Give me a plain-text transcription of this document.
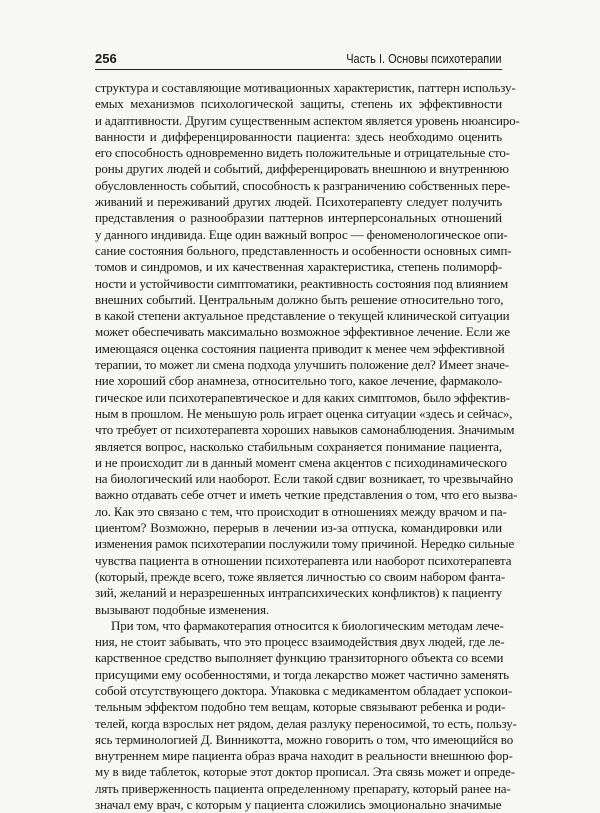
256	Часть I. Основы психотерапии
структура и составляющие мотивационных характеристик, паттерн использу-
емых механизмов психологической защиты, степень их эффективности
и адаптивности. Другим существенным аспектом является уровень нюансиро-
ванности и дифференцированности пациента: здесь необходимо оценить
его способность одновременно видеть положительные и отрицательные сто-
роны других людей и событий, дифференцировать внешнюю и внутреннюю
обусловленность событий, способность к разграничению собственных пере-
живаний и переживаний других людей. Психотерапевту следует получить
представления о разнообразии паттернов интерперсональных отношений
у данного индивида. Еще один важный вопрос — феноменологическое опи-
сание состояния больного, представленность и особенности основных симп-
томов и синдромов, и их качественная характеристика, степень полиморф-
ности и устойчивости симптоматики, реактивность состояния под влиянием
внешних событий. Центральным должно быть решение относительно того,
в какой степени актуальное представление о текущей клинической ситуации
может обеспечивать максимально возможное эффективное лечение. Если же
имеющаяся оценка состояния пациента приводит к менее чем эффективной
терапии, то может ли смена подхода улучшить положение дел? Имеет значе-
ние хороший сбор анамнеза, относительно того, какое лечение, фармаколо-
гическое или психотерапевтическое и для каких симптомов, было эффектив-
ным в прошлом. Не меньшую роль играет оценка ситуации «здесь и сейчас»,
что требует от психотерапевта хороших навыков самонаблюдения. Значимым
является вопрос, насколько стабильным сохраняется понимание пациента,
и не происходит ли в данный момент смена акцентов с психодинамического
на биологический или наоборот. Если такой сдвиг возникает, то чрезвычайно
важно отдавать себе отчет и иметь четкие представления о том, что его вызва-
ло. Как это связано с тем, что происходит в отношениях между врачом и па-
циентом? Возможно, перерыв в лечении из-за отпуска, командировки или
изменения рамок психотерапии послужили тому причиной. Нередко сильные
чувства пациента в отношении психотерапевта или наоборот психотерапевта
(который, прежде всего, тоже является личностью со своим набором фанта-
зий, желаний и неразрешенных интрапсихических конфликтов) к пациенту
вызывают подобные изменения.
При том, что фармакотерапия относится к биологическим методам лече-
ния, не стоит забывать, что это процесс взаимодействия двух людей, где ле-
карственное средство выполняет функцию транзиторного объекта со всеми
присущими ему особенностями, и тогда лекарство может частично заменять
собой отсутствующего доктора. Упаковка с медикаментом обладает успокои-
тельным эффектом подобно тем вещам, которые связывают ребенка и роди-
телей, когда взрослых нет рядом, делая разлуку переносимой, то есть, пользу-
ясь терминологией Д. Винникотта, можно говорить о том, что имеющийся во
внутреннем мире пациента образ врача находит в реальности внешнюю фор-
му в виде таблеток, которые этот доктор прописал. Эта связь может и опреде-
лять приверженность пациента определенному препарату, который ранее на-
значал ему врач, с которым у пациента сложились эмоционально значимые
